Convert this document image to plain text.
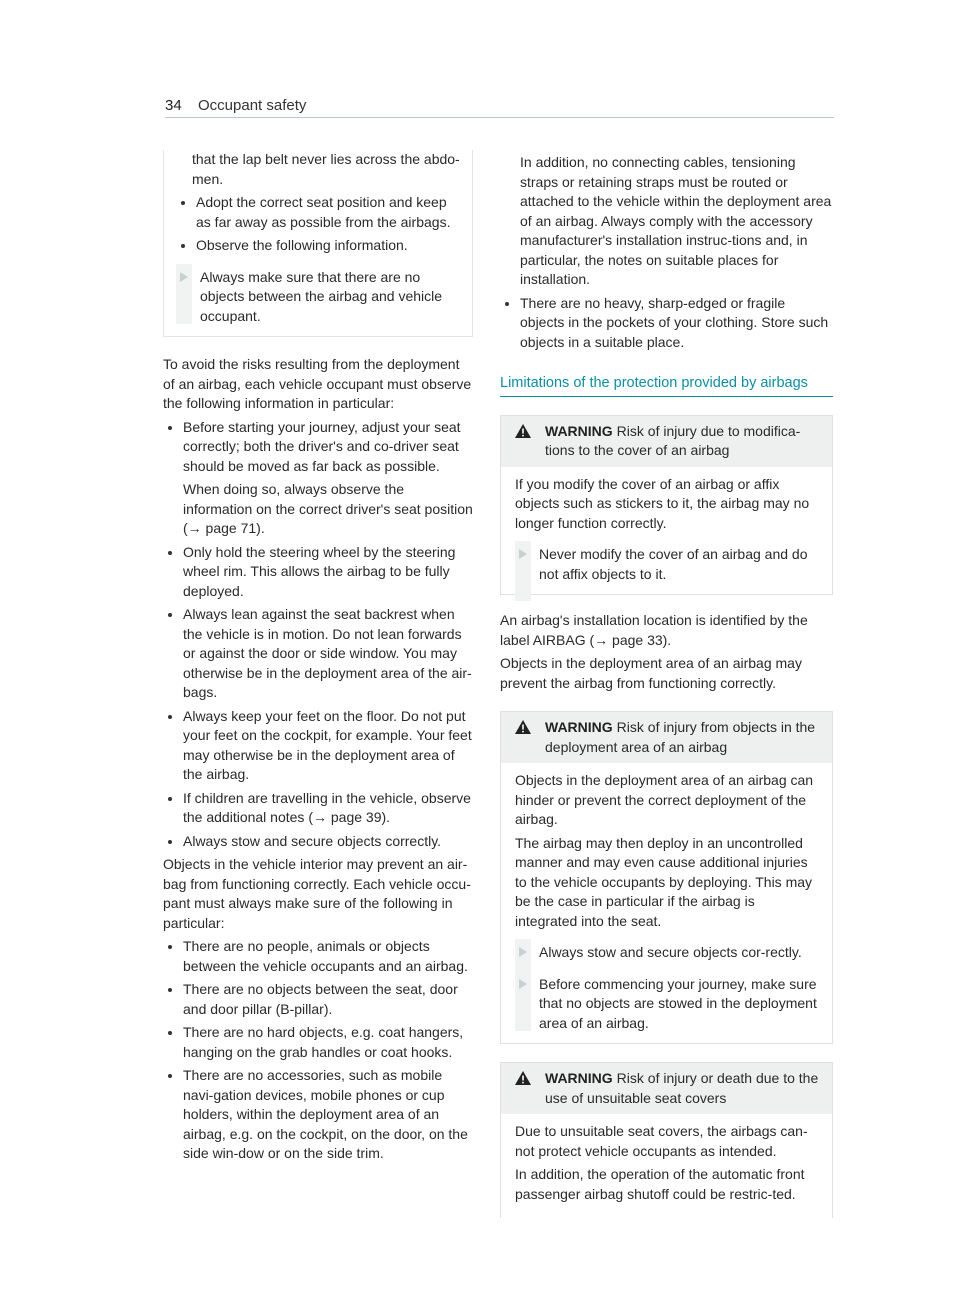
34 Occupant safety
that the lap belt never lies across the abdo-men.
Adopt the correct seat position and keep as far away as possible from the airbags.
Observe the following information.
Always make sure that there are no objects between the airbag and vehicle occupant.

To avoid the risks resulting from the deployment of an airbag, each vehicle occupant must observe the following information in particular:

Before starting your journey, adjust your seat correctly; both the driver's and co-driver seat should be moved as far back as possible.
When doing so, always observe the information on the correct driver's seat position (→ page 71).
Only hold the steering wheel by the steering wheel rim. This allows the airbag to be fully deployed.
Always lean against the seat backrest when the vehicle is in motion. Do not lean forwards or against the door or side window. You may otherwise be in the deployment area of the air-bags.
Always keep your feet on the floor. Do not put your feet on the cockpit, for example. Your feet may otherwise be in the deployment area of the airbag.
If children are travelling in the vehicle, observe the additional notes (→ page 39).
Always stow and secure objects correctly.

Objects in the vehicle interior may prevent an air-bag from functioning correctly. Each vehicle occu-pant must always make sure of the following in particular:

There are no people, animals or objects between the vehicle occupants and an airbag.
There are no objects between the seat, door and door pillar (B-pillar).
There are no hard objects, e.g. coat hangers, hanging on the grab handles or coat hooks.
There are no accessories, such as mobile navi-gation devices, mobile phones or cup holders, within the deployment area of an airbag, e.g. on the cockpit, on the door, on the side win-dow or on the side trim.
In addition, no connecting cables, tensioning straps or retaining straps must be routed or attached to the vehicle within the deployment area of an airbag. Always comply with the accessory manufacturer's installation instruc-tions and, in particular, the notes on suitable places for installation.
There are no heavy, sharp-edged or fragile objects in the pockets of your clothing. Store such objects in a suitable place.
Limitations of the protection provided by airbags
WARNING Risk of injury due to modifica-tions to the cover of an airbag

If you modify the cover of an airbag or affix objects such as stickers to it, the airbag may no longer function correctly.

Never modify the cover of an airbag and do not affix objects to it.

An airbag's installation location is identified by the label AIRBAG (→ page 33).

Objects in the deployment area of an airbag may prevent the airbag from functioning correctly.

WARNING Risk of injury from objects in the deployment area of an airbag

Objects in the deployment area of an airbag can hinder or prevent the correct deployment of the airbag.

The airbag may then deploy in an uncontrolled manner and may even cause additional injuries to the vehicle occupants by deploying. This may be the case in particular if the airbag is integrated into the seat.

Always stow and secure objects cor-rectly.
Before commencing your journey, make sure that no objects are stowed in the deployment area of an airbag.
WARNING Risk of injury or death due to the use of unsuitable seat covers

Due to unsuitable seat covers, the airbags can-not protect vehicle occupants as intended.

In addition, the operation of the automatic front passenger airbag shutoff could be restric-ted.
